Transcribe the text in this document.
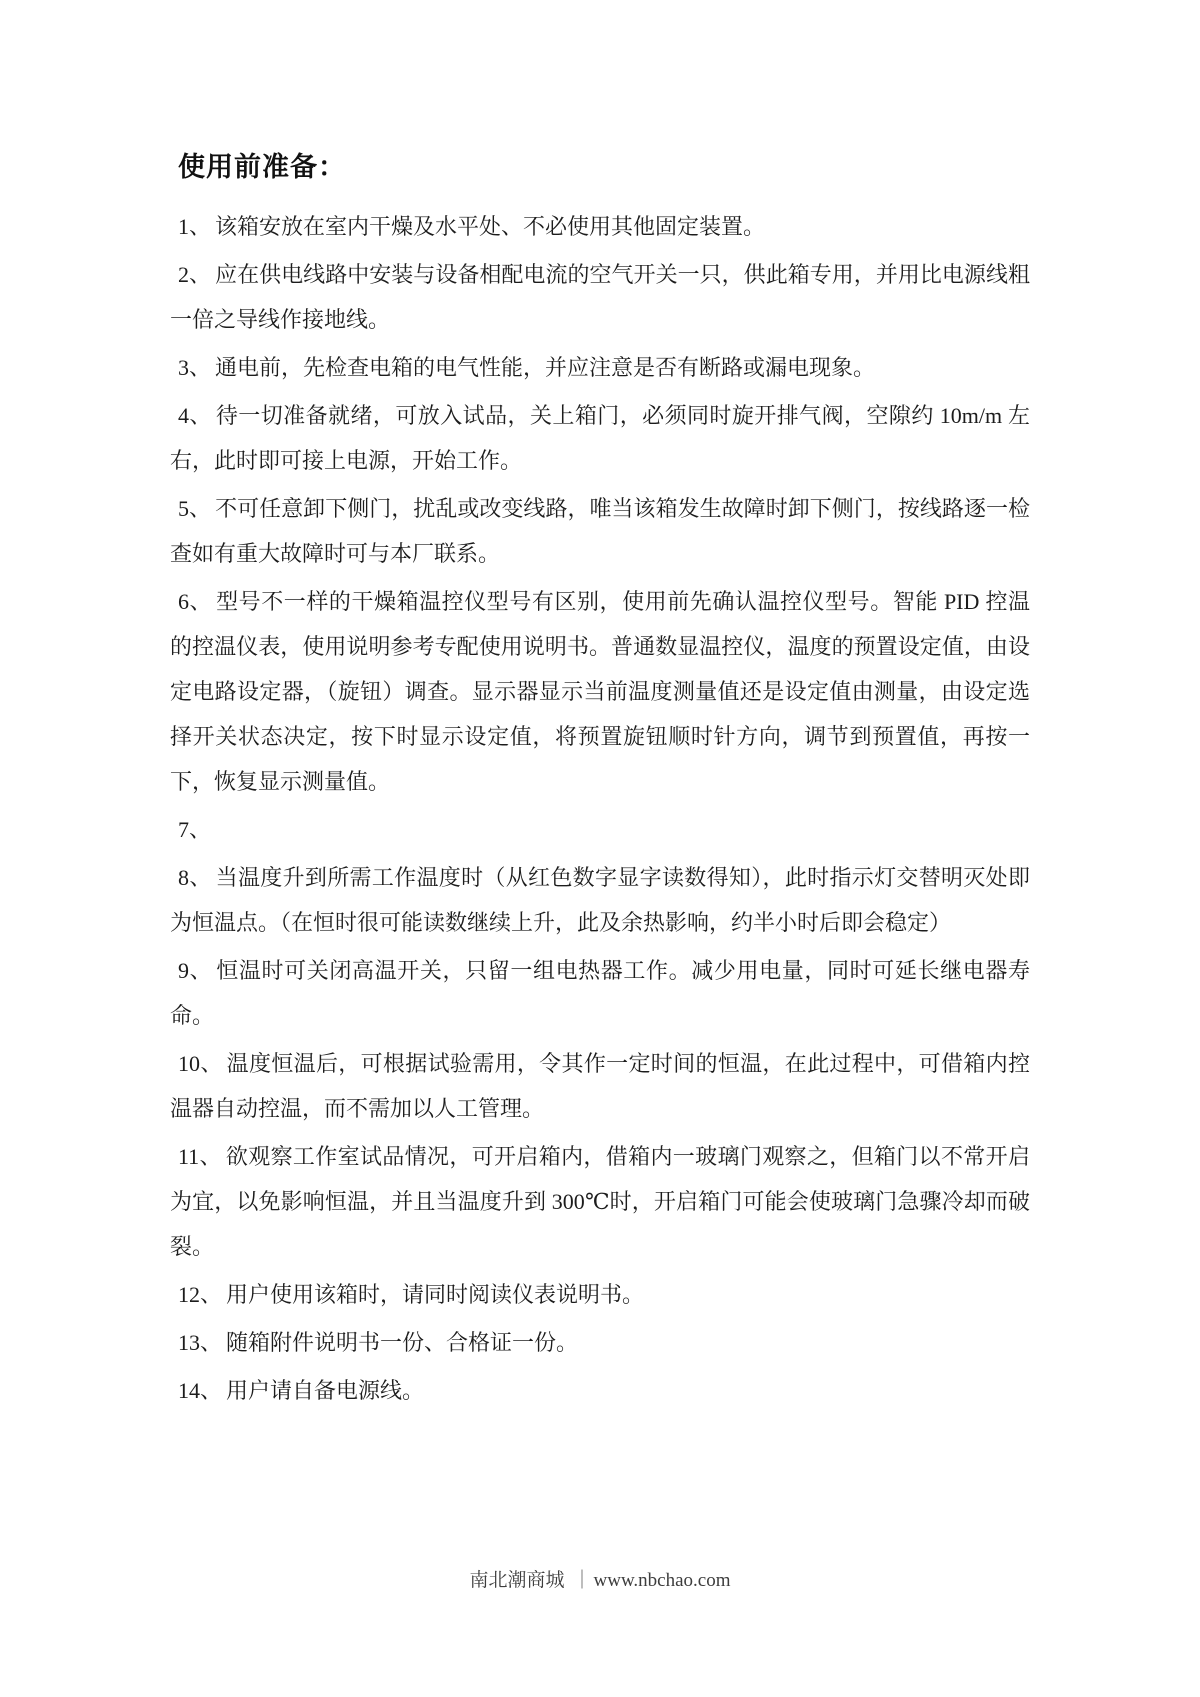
使用前准备：

1、 该箱安放在室内干燥及水平处、不必使用其他固定装置。

2、 应在供电线路中安装与设备相配电流的空气开关一只，供此箱专用，并用比电源线粗一倍之导线作接地线。

3、 通电前，先检查电箱的电气性能，并应注意是否有断路或漏电现象。

4、 待一切准备就绪，可放入试品，关上箱门，必须同时旋开排气阀，空隙约 10m/m 左右，此时即可接上电源，开始工作。

5、 不可任意卸下侧门，扰乱或改变线路，唯当该箱发生故障时卸下侧门，按线路逐一检查如有重大故障时可与本厂联系。

6、 型号不一样的干燥箱温控仪型号有区别，使用前先确认温控仪型号。智能 PID 控温的控温仪表，使用说明参考专配使用说明书。普通数显温控仪，温度的预置设定值，由设定电路设定器，（旋钮）调查。显示器显示当前温度测量值还是设定值由测量，由设定选择开关状态决定，按下时显示设定值，将预置旋钮顺时针方向，调节到预置值，再按一下，恢复显示测量值。

7、

8、 当温度升到所需工作温度时（从红色数字显字读数得知），此时指示灯交替明灭处即为恒温点。（在恒时很可能读数继续上升，此及余热影响，约半小时后即会稳定）

9、 恒温时可关闭高温开关，只留一组电热器工作。减少用电量，同时可延长继电器寿命。

10、 温度恒温后，可根据试验需用，令其作一定时间的恒温，在此过程中，可借箱内控温器自动控温，而不需加以人工管理。

11、 欲观察工作室试品情况，可开启箱内，借箱内一玻璃门观察之，但箱门以不常开启为宜，以免影响恒温，并且当温度升到 300℃时，开启箱门可能会使玻璃门急骤冷却而破裂。

12、 用户使用该箱时，请同时阅读仪表说明书。

13、 随箱附件说明书一份、合格证一份。

14、 用户请自备电源线。

南北潮商城 ｜ www.nbchao.com
